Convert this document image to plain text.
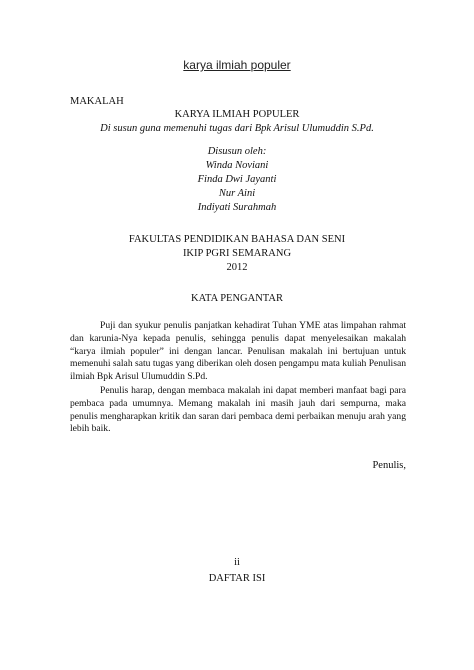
karya ilmiah populer
MAKALAH
KARYA ILMIAH POPULER
Di susun guna memenuhi tugas dari Bpk Arisul Ulumuddin S.Pd.
Disusun oleh:
Winda Noviani
Finda Dwi Jayanti
Nur Aini
Indiyati Surahmah
FAKULTAS PENDIDIKAN BAHASA DAN SENI
IKIP PGRI SEMARANG
2012
KATA PENGANTAR

Puji dan syukur penulis panjatkan kehadirat Tuhan YME atas limpahan rahmat dan karunia-Nya kepada penulis, sehingga penulis dapat menyelesaikan makalah “karya ilmiah populer” ini dengan lancar. Penulisan makalah ini bertujuan untuk memenuhi salah satu tugas yang diberikan oleh dosen pengampu mata kuliah Penulisan ilmiah Bpk Arisul Ulumuddin S.Pd.

Penulis harap, dengan membaca makalah ini dapat memberi manfaat bagi para pembaca pada umumnya. Memang makalah ini masih jauh dari sempurna, maka penulis mengharapkan kritik dan saran dari pembaca demi perbaikan menuju arah yang lebih baik.

Penulis,
ii
DAFTAR ISI
